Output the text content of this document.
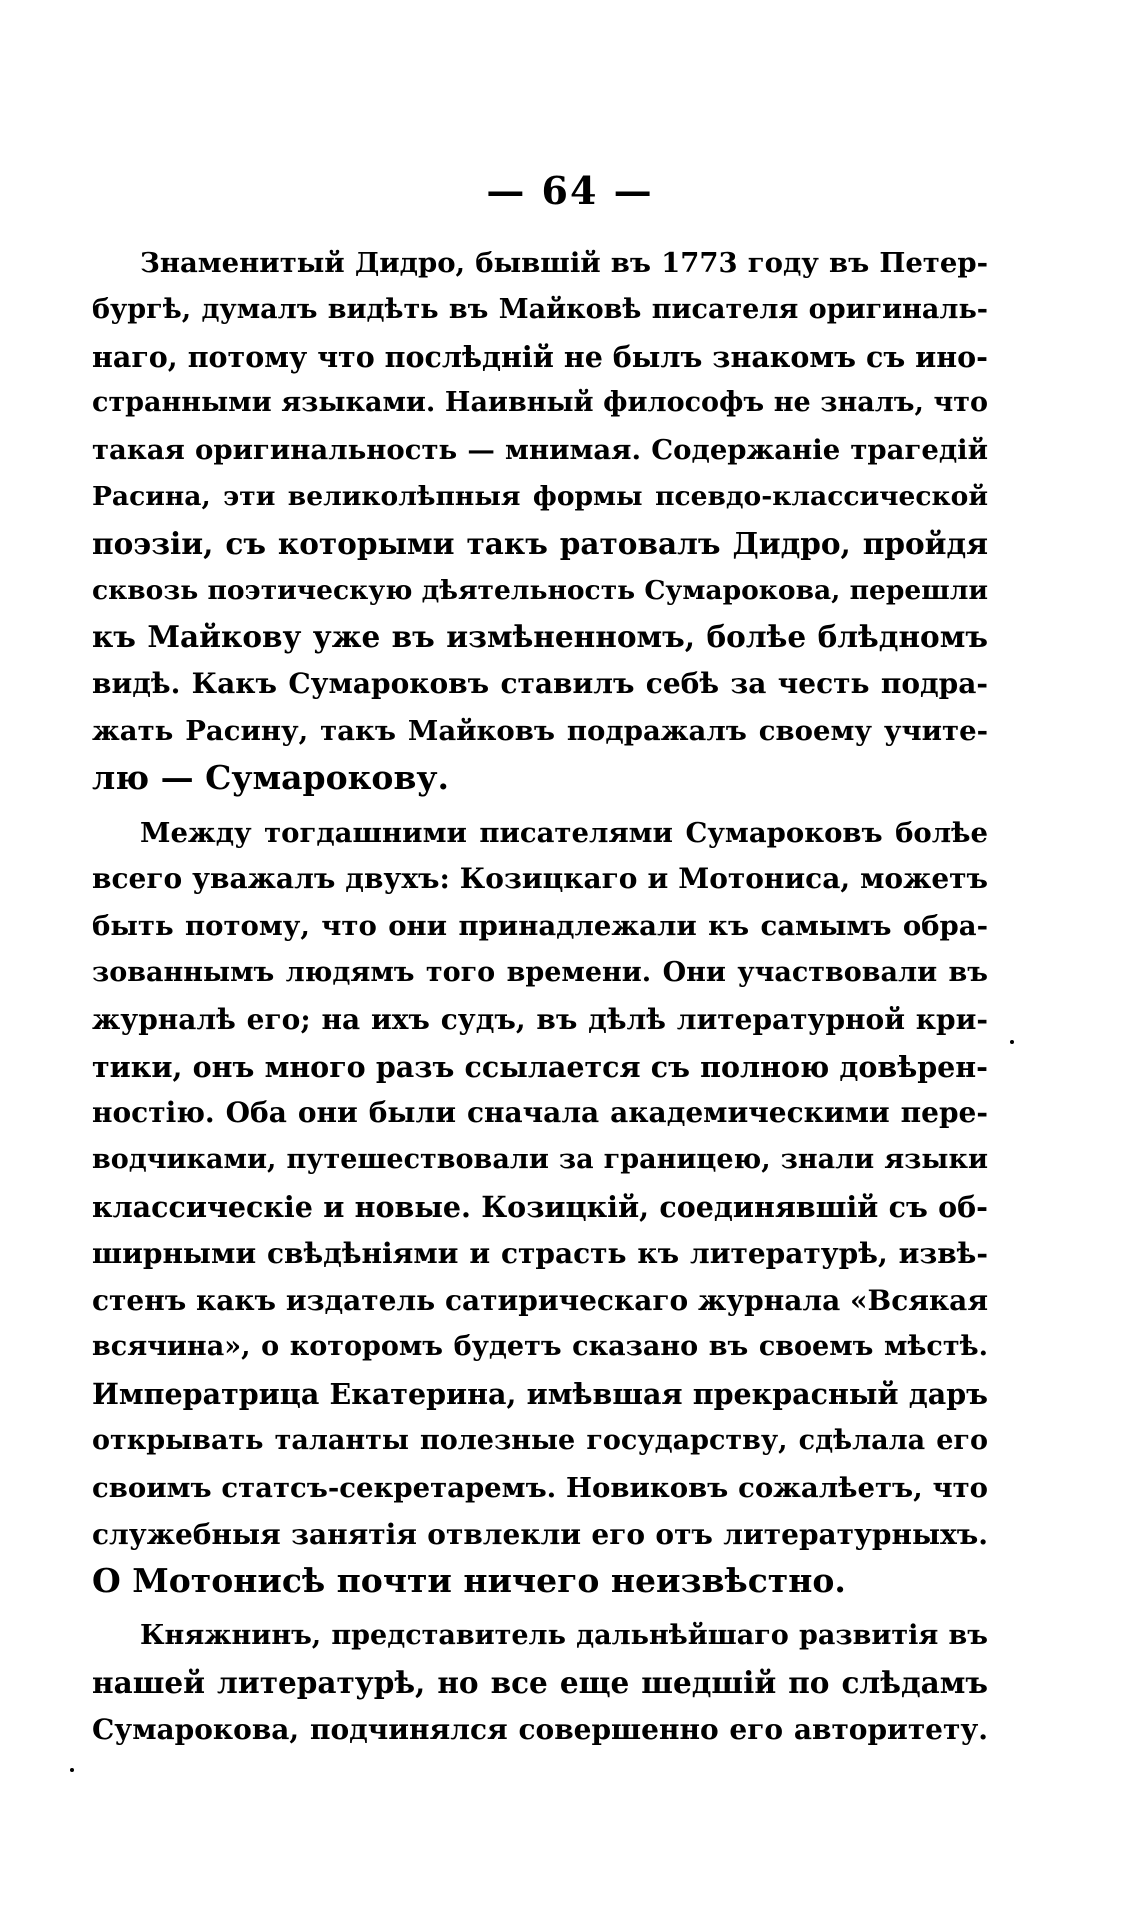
— 64 —
Знаменитый Дидро, бывшій въ 1773 году въ Петер-
бургѣ, думалъ видѣть въ Майковѣ писателя оригиналь-
наго, потому что послѣдній не былъ знакомъ съ ино-
странными языками. Наивный философъ не зналъ, что
такая оригинальность — мнимая. Содержаніе трагедій
Расина, эти великолѣпныя формы псевдо-классической
поэзіи, съ которыми такъ ратовалъ Дидро, пройдя
сквозь поэтическую дѣятельность Сумарокова, перешли
къ Майкову уже въ измѣненномъ, болѣе блѣдномъ
видѣ. Какъ Сумароковъ ставилъ себѣ за честь подра-
жать Расину, такъ Майковъ подражалъ своему учите-
лю — Сумарокову.
Между тогдашними писателями Сумароковъ болѣе
всего уважалъ двухъ: Козицкаго и Мотониса, можетъ
быть потому, что они принадлежали къ самымъ обра-
зованнымъ людямъ того времени. Они участвовали въ
журналѣ его; на ихъ судъ, въ дѣлѣ литературной кри-
тики, онъ много разъ ссылается съ полною довѣрен-
ностію. Оба они были сначала академическими пере-
водчиками, путешествовали за границею, знали языки
классическіе и новые. Козицкій, соединявшій съ об-
ширными свѣдѣніями и страсть къ литературѣ, извѣ-
стенъ какъ издатель сатирическаго журнала «Всякая
всячина», о которомъ будетъ сказано въ своемъ мѣстѣ.
Императрица Екатерина, имѣвшая прекрасный даръ
открывать таланты полезные государству, сдѣлала его
своимъ статсъ-секретаремъ. Новиковъ сожалѣетъ, что
служебныя занятія отвлекли его отъ литературныхъ.
О Мотонисѣ почти ничего неизвѣстно.
Княжнинъ, представитель дальнѣйшаго развитія въ
нашей литературѣ, но все еще шедшій по слѣдамъ
Сумарокова, подчинялся совершенно его авторитету.
